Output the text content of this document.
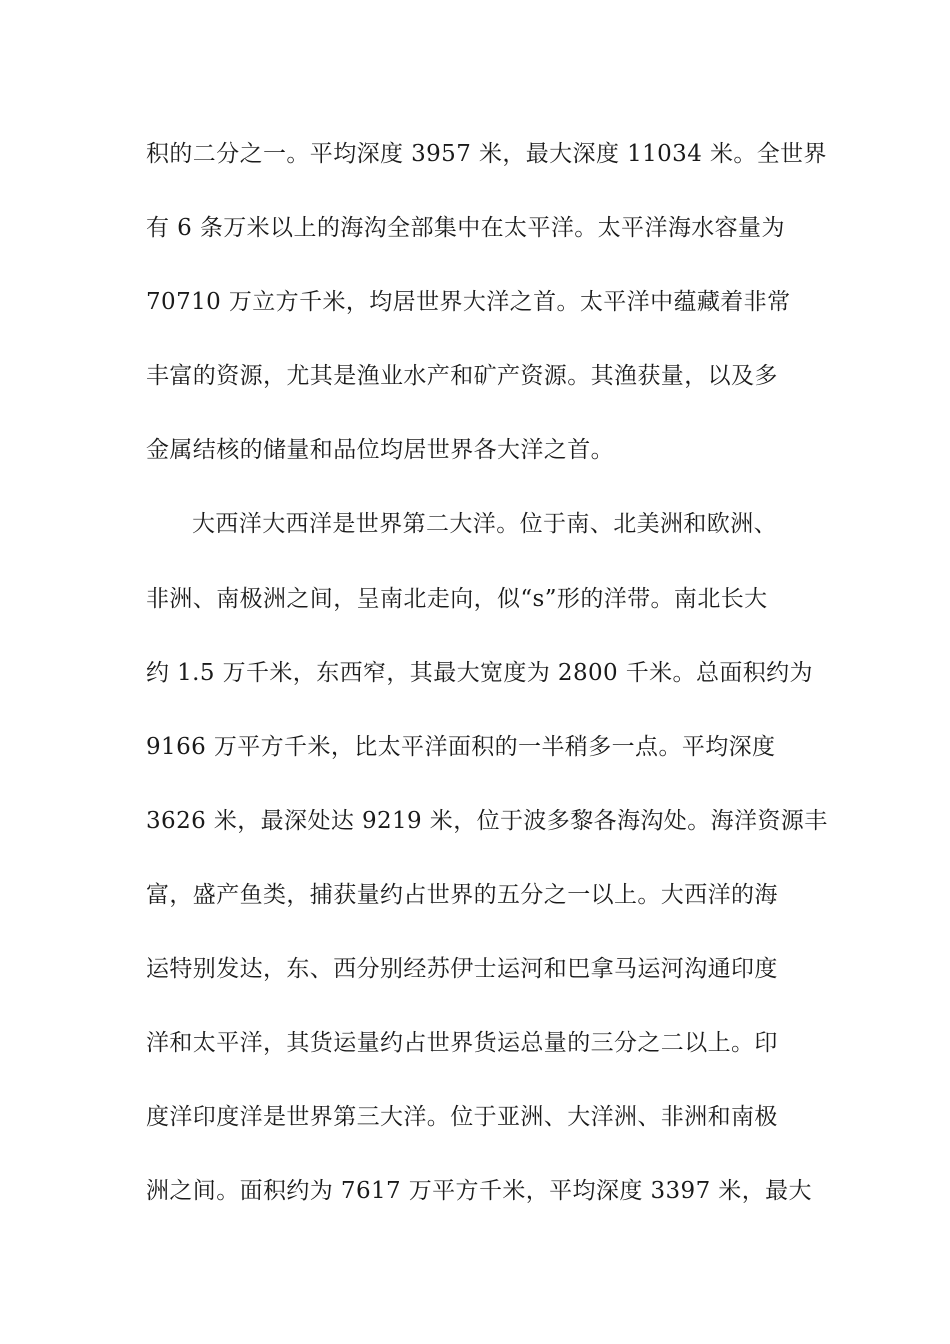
积的二分之一。平均深度 3957 米，最大深度 11034 米。全世界
有 6 条万米以上的海沟全部集中在太平洋。太平洋海水容量为
70710 万立方千米，均居世界大洋之首。太平洋中蕴藏着非常
丰富的资源，尤其是渔业水产和矿产资源。其渔获量，以及多
金属结核的储量和品位均居世界各大洋之首。
大西洋大西洋是世界第二大洋。位于南、北美洲和欧洲、
非洲、南极洲之间，呈南北走向，似“s”形的洋带。南北长大
约 1.5 万千米，东西窄，其最大宽度为 2800 千米。总面积约为
9166 万平方千米，比太平洋面积的一半稍多一点。平均深度
3626 米，最深处达 9219 米，位于波多黎各海沟处。海洋资源丰
富，盛产鱼类，捕获量约占世界的五分之一以上。大西洋的海
运特别发达，东、西分别经苏伊士运河和巴拿马运河沟通印度
洋和太平洋，其货运量约占世界货运总量的三分之二以上。印
度洋印度洋是世界第三大洋。位于亚洲、大洋洲、非洲和南极
洲之间。面积约为 7617 万平方千米，平均深度 3397 米，最大
